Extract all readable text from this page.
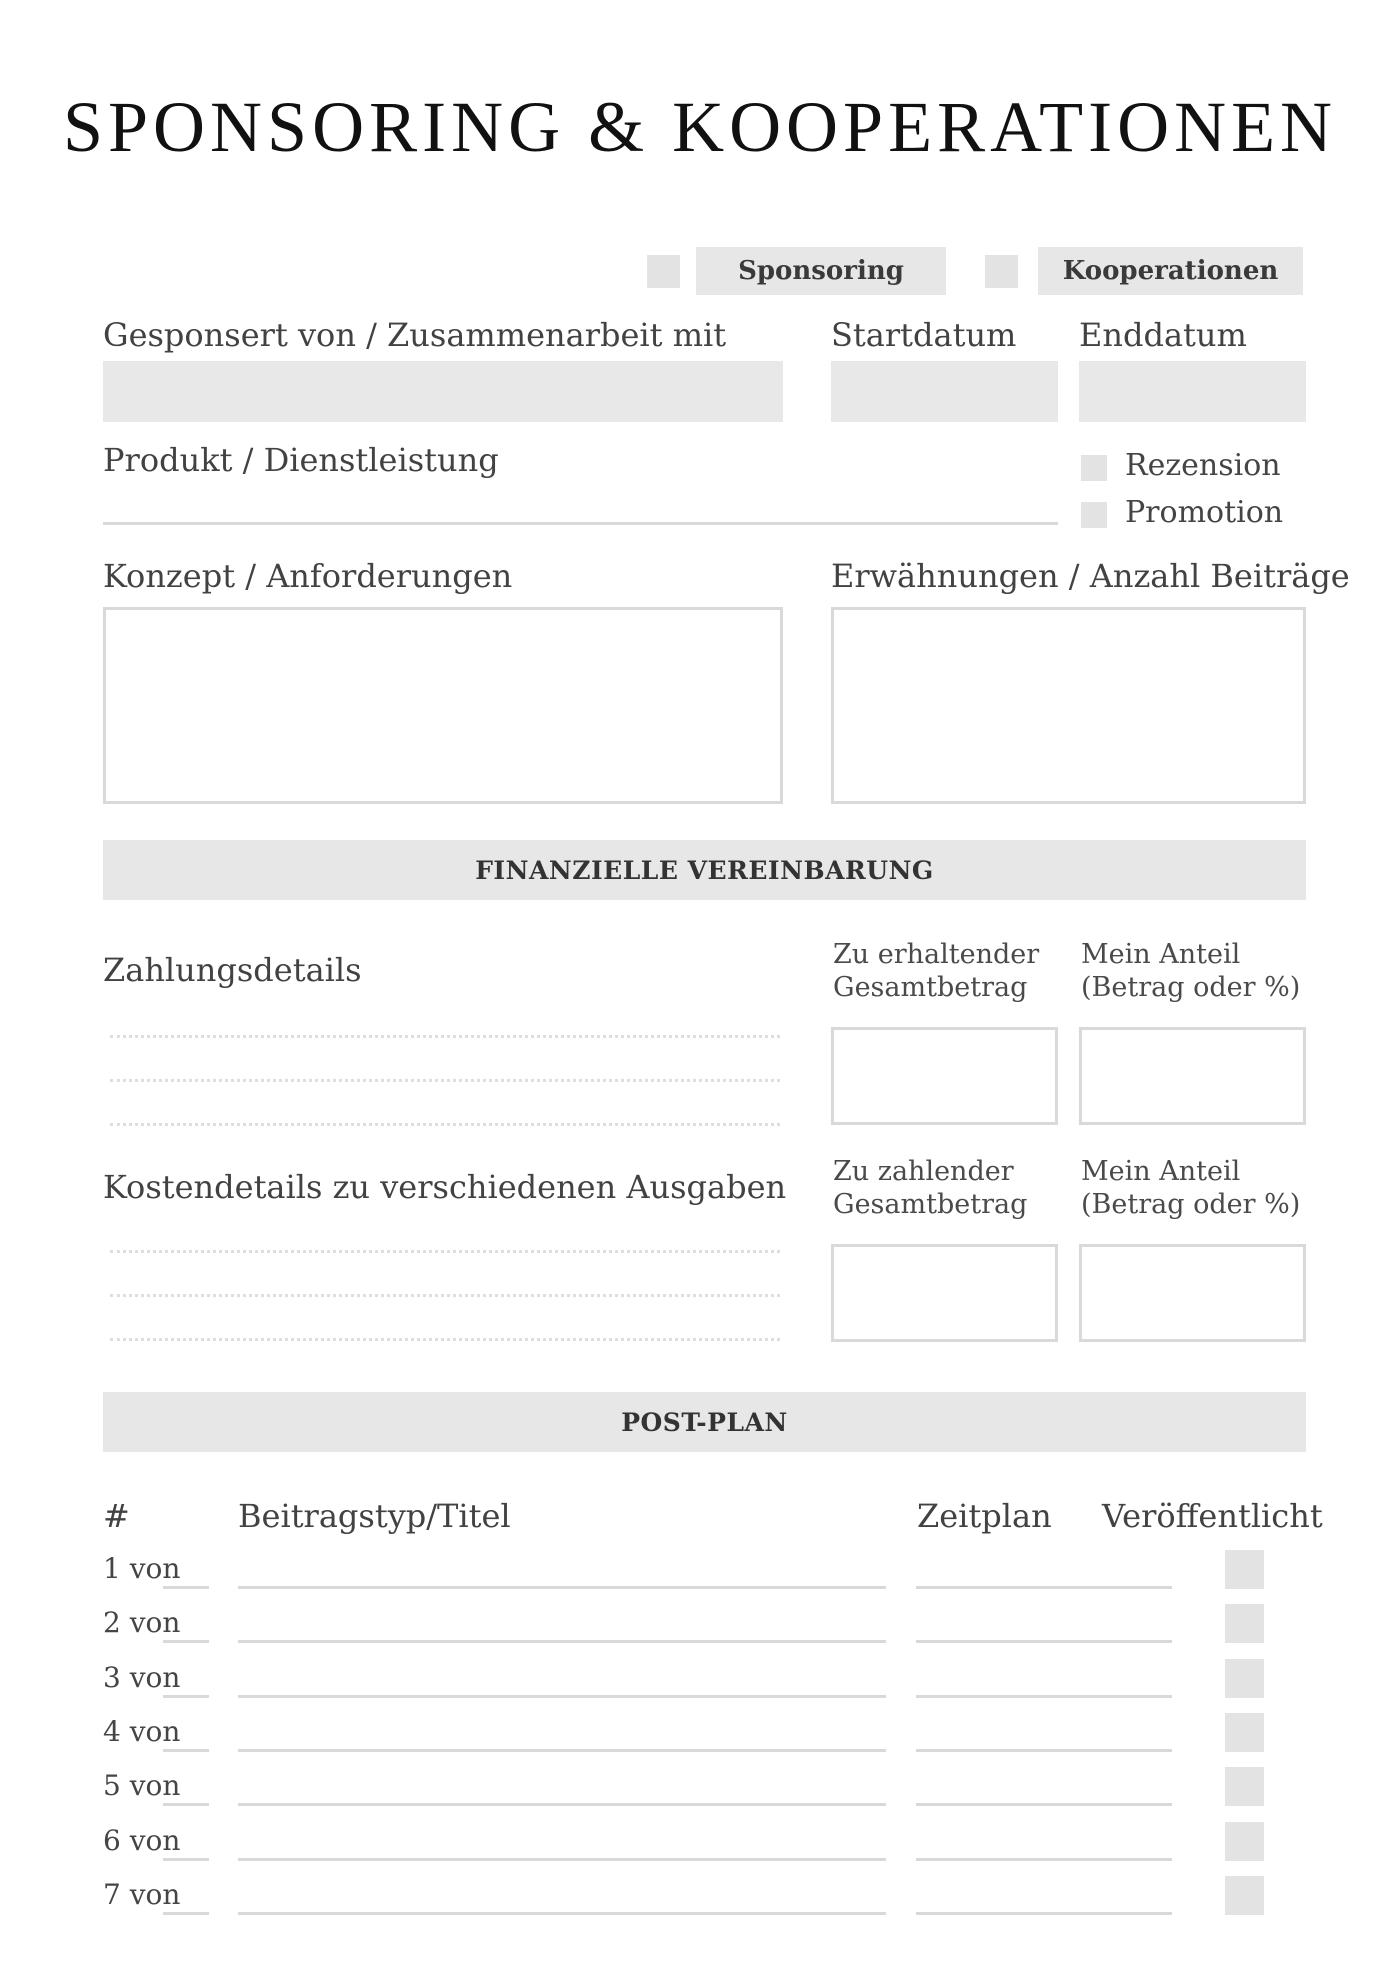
SPONSORING & KOOPERATIONEN
Sponsoring	Kooperationen
Gesponsert von / Zusammenarbeit mit	Startdatum Enddatum
Produkt / Dienstleistung	Rezension
Promotion
Konzept / Anforderungen	Erwähnungen / Anzahl Beiträge
FINANZIELLE VEREINBARUNG
Zahlungsdetails	Zu erhaltender
Gesamtbetrag
Mein Anteil
(Betrag oder %)
Kostendetails zu verschiedenen Ausgaben Zu zahlender
Gesamtbetrag
Mein Anteil
(Betrag oder %)
POST-PLAN
#	Beitragstyp/Titel	Zeitplan Veröffentlicht
1 von
2 von
3 von
4 von
5 von
6 von
7 von
